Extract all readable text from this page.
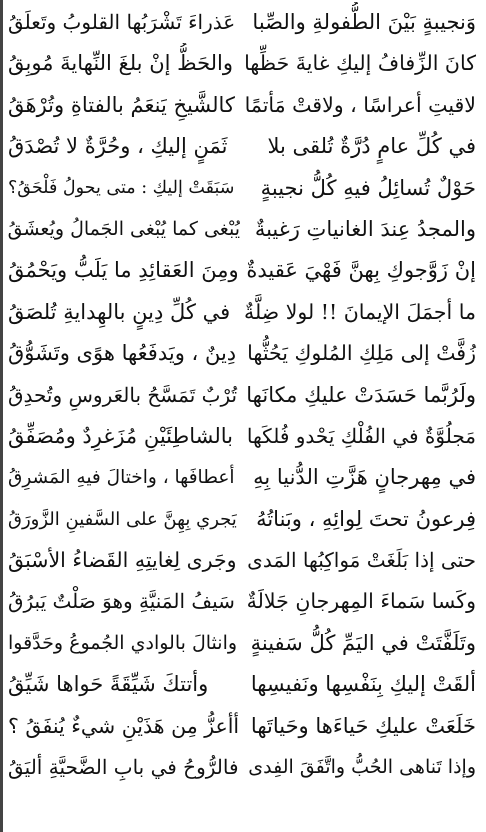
وَنجيبةٍ بَيْنَ الطُّفولةِ والصِّبا
عَذراءَ تَشْرَبُها القلوبُ وتَعلَقُ
كانَ الزِّفافُ إليكِ غايةَ حَظِّها
والحَظُّ إنْ بلغَ النِّهايةَ مُوبِقُ
لاقيتِ أعراسًا ، ولاقتْ مَأتمًا
كالشَّيخِ يَنعَمُ بالفتاةِ وتُرْهَقُ
في كُلِّ عامٍ دُرَّةٌ تُلقى بلا
ثَمَنٍ إليكِ ، وحُرَّةٌ لا تُصْدَقُ
حَوْلٌ تُسائِلُ فيهِ كُلُّ نجيبةٍ
سَبَقَتْ إليكِ : متى يحولُ فَلْحَقُ؟
والمجدُ عِندَ الغانياتِ رَغيبةٌ
يُبْغى كما يُبْغى الجَمالُ ويُعشَقُ
إنْ زَوَّجوكِ بِهنَّ فَهْيَ عَقيدةٌ
ومِنَ العَقائِدِ ما يَلَبُّ ويَحْمُقُ
ما أجمَلَ الإيمانَ !! لولا ضِلَّةٌ
في كُلِّ دِينٍ بالهِدايةِ تُلصَقُ
زُفَّتْ إلى مَلِكِ المُلوكِ يَحُثُّها
دِينٌ ، ويَدفَعُها هوًى وتَشَوُّقُ
ولَرُبَّما حَسَدَتْ عليكِ مكانَها
تُرْبٌ تَمَسَّحُ بالعَروسِ وتُحدِقُ
مَجلُوَّةٌ في الفُلْكِ يَحْدو فُلكَها
بالشاطِئَيْنِ مُزَغرِدٌ ومُصَفِّقُ
في مِهرجانٍ هَزَّتِ الدُّنيا بِهِ
أعطافَها ، واختالَ فيهِ المَشرِقُ
فِرعونُ تحتَ لِوائِهِ ، وبَناتُهُ
يَجري بِهِنَّ على السَّفينِ الزَّورَقُ
حتى إذا بَلَغَتْ مَواكِبُها المَدى
وجَرى لِغايتِهِ القَضاءُ الأسْبَقُ
وكَسا سَماءَ المِهرجانِ جَلالَةٌ
سَيفُ المَنيَّةِ وهوَ صَلْتٌ يَبرُقُ
وتَلَفَّتَتْ في اليَمِّ كُلُّ سَفينةٍ
وانثالَ بالوادي الجُموعُ وحَدَّقوا
ألقَتْ إليكِ بِنَفْسِها ونَفيسِها
وأتتكَ شَيِّقَةً حَواها شَيِّقُ
خَلَعَتْ عليكِ حَياءَها وحَياتَها
أأعزُّ مِن هَذَيْنِ شيءٌ يُنفَقُ ؟
وإذا تَناهى الحُبُّ واتَّفَقَ الفِدى
فالرُّوحُ في بابِ الضَّحيَّةِ أليَقُ
